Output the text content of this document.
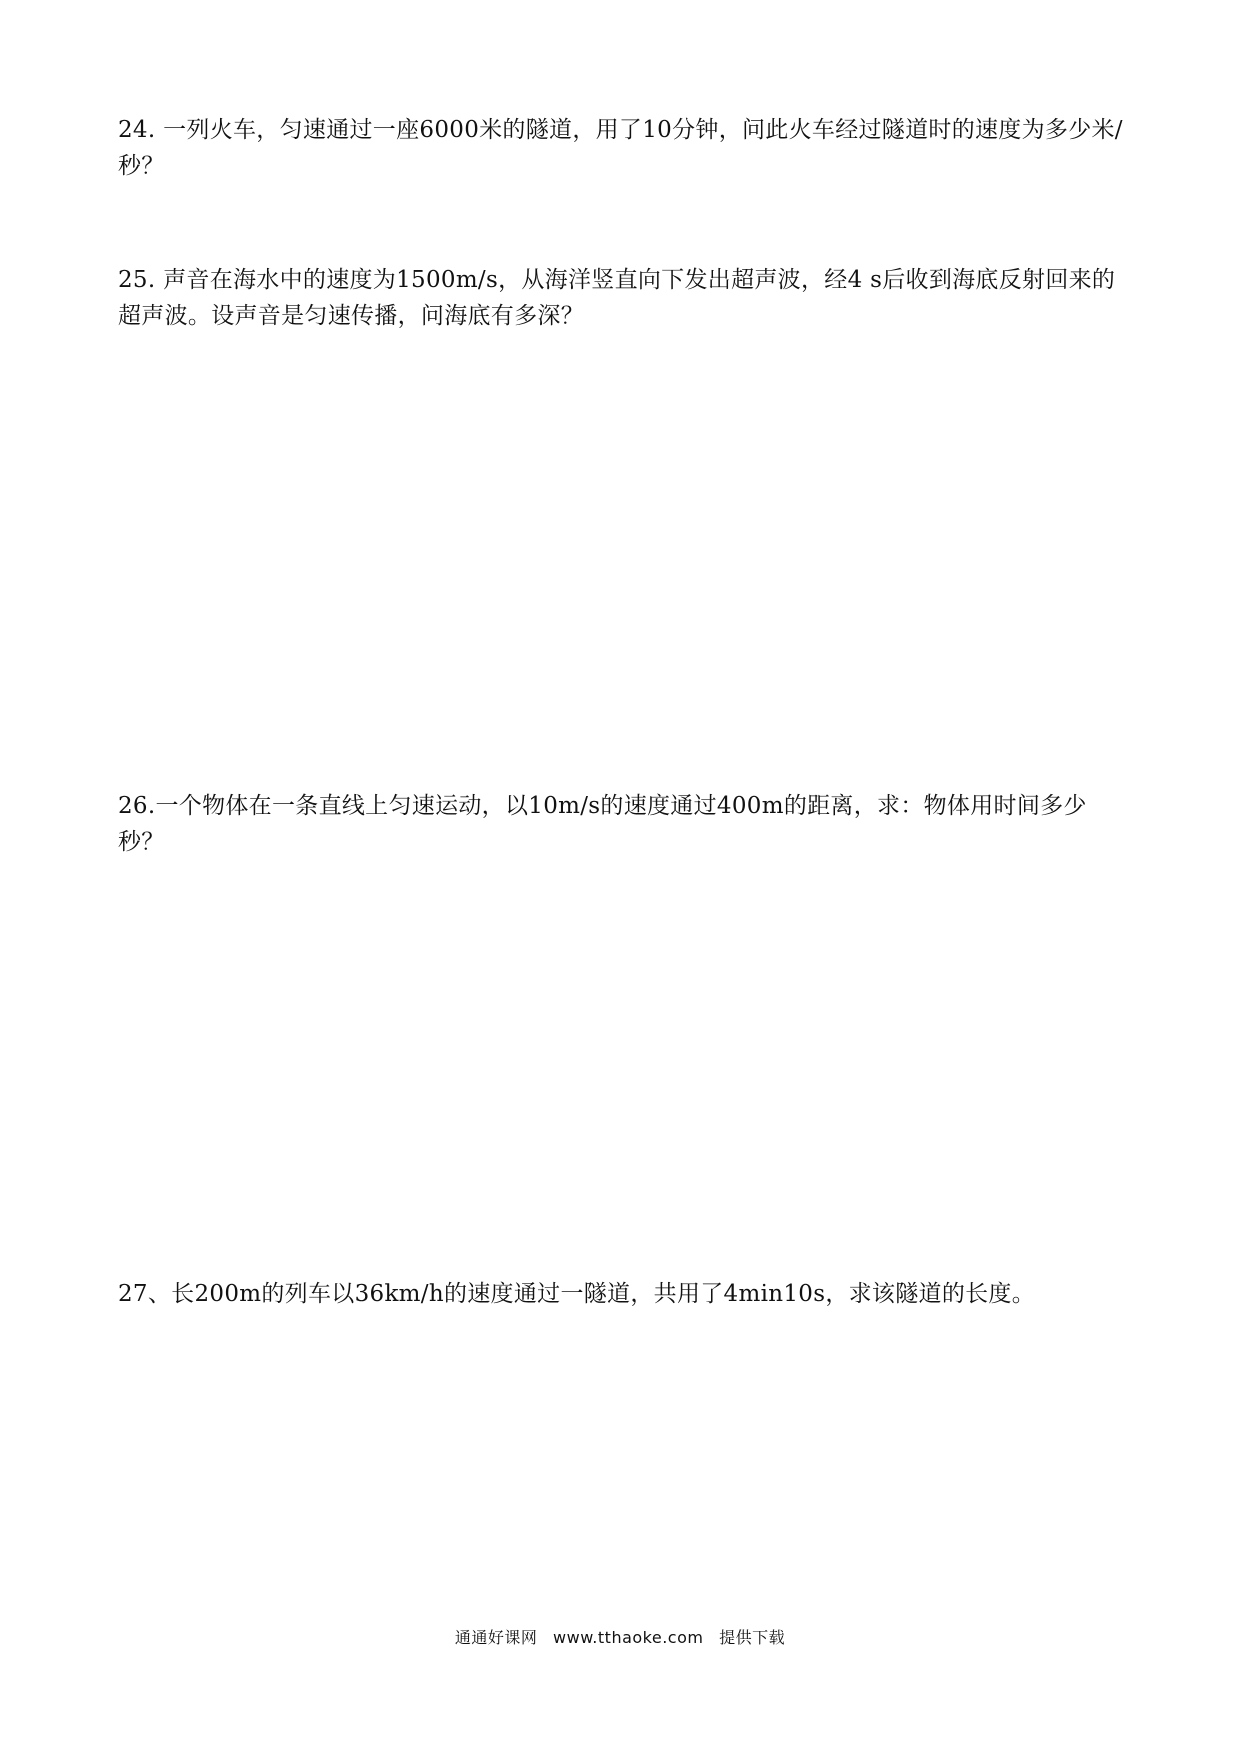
24. 一列火车，匀速通过一座6000米的隧道，用了10分钟，问此火车经过隧道时的速度为多少米/秒？

25. 声音在海水中的速度为1500m/s，从海洋竖直向下发出超声波，经4 s后收到海底反射回来的超声波。设声音是匀速传播，问海底有多深？

26.一个物体在一条直线上匀速运动，以10m/s的速度通过400m的距离，求：物体用时间多少秒？

27、长200m的列车以36km/h的速度通过一隧道，共用了4min10s，求该隧道的长度。

通通好课网 www.tthaoke.com 提供下载
